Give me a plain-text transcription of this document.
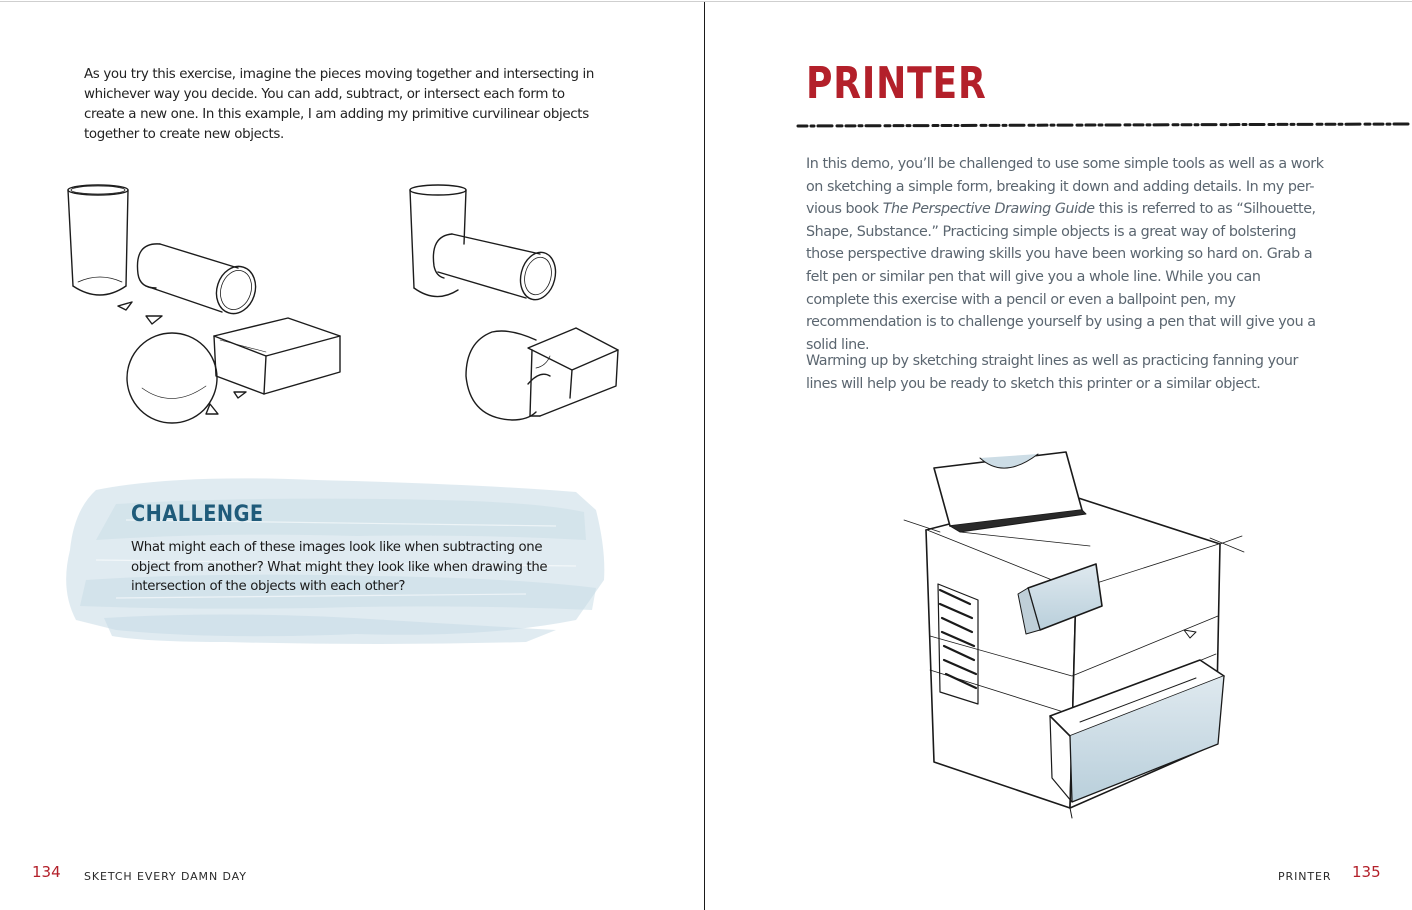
As you try this exercise, imagine the pieces moving together and intersecting in whichever way you decide. You can add, subtract, or intersect each form to create a new one. In this example, I am adding my primitive curvilinear objects together to create new objects.

CHALLENGE

What might each of these images look like when subtracting one object from another? What might they look like when drawing the intersection of the objects with each other?

134 SKETCH EVERY DAMN DAY
PRINTER

In this demo, you’ll be challenged to use some simple tools as well as a work on sketching a simple form, breaking it down and adding details. In my per-vious book The Perspective Drawing Guide this is referred to as “Silhouette, Shape, Substance.” Practicing simple objects is a great way of bolstering those perspective drawing skills you have been working so hard on. Grab a felt pen or similar pen that will give you a whole line. While you can complete this exercise with a pencil or even a ballpoint pen, my recommendation is to challenge yourself by using a pen that will give you a solid line.

Warming up by sketching straight lines as well as practicing fanning your lines will help you be ready to sketch this printer or a similar object.

PRINTER 135
